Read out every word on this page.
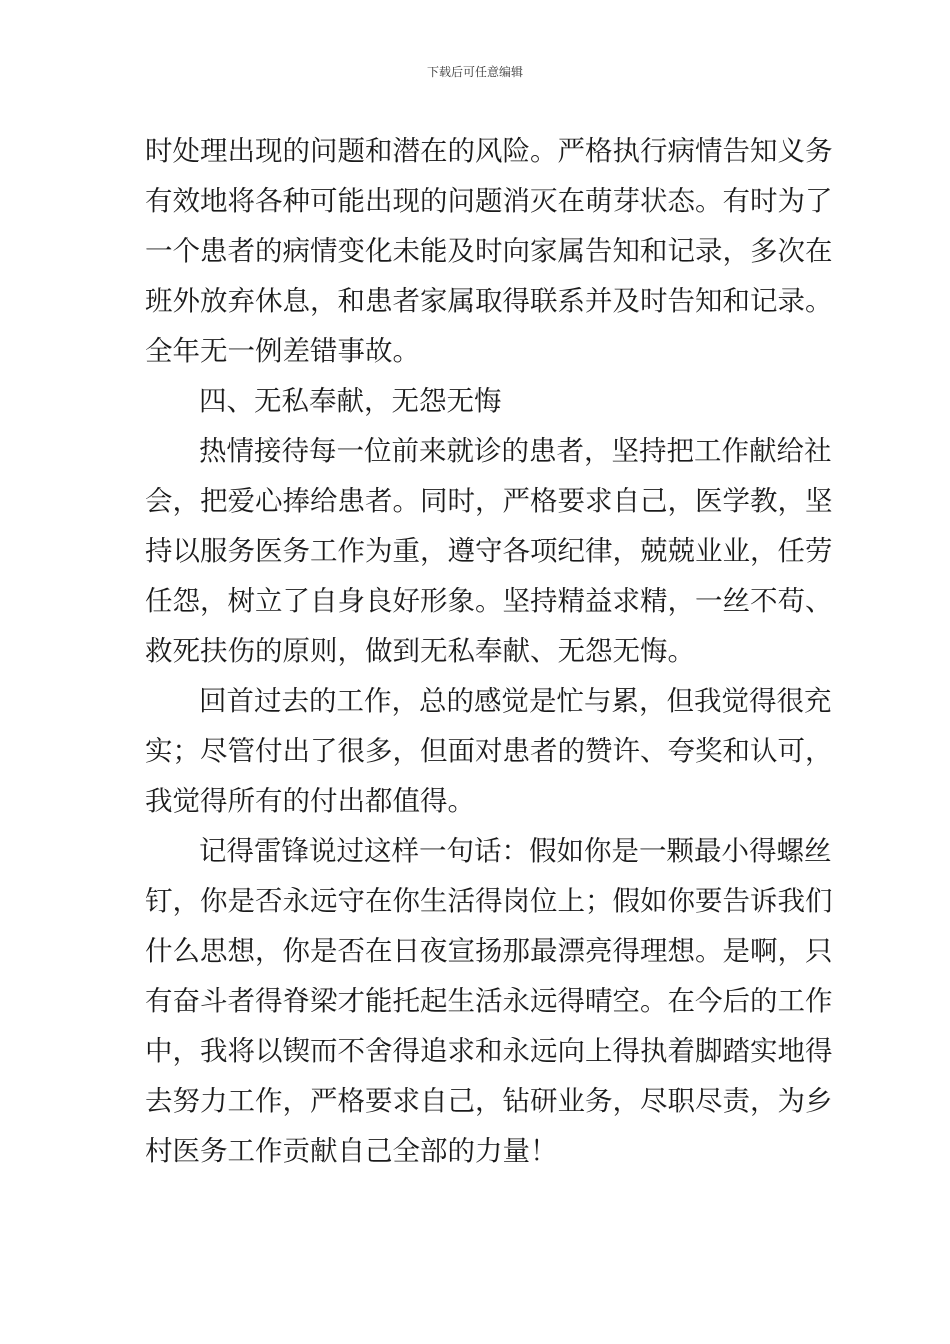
下载后可任意编辑
时处理出现的问题和潜在的风险。严格执行病情告知义务
有效地将各种可能出现的问题消灭在萌芽状态。有时为了
一个患者的病情变化未能及时向家属告知和记录，多次在
班外放弃休息，和患者家属取得联系并及时告知和记录。
全年无一例差错事故。
四、无私奉献，无怨无悔
热情接待每一位前来就诊的患者，坚持把工作献给社
会，把爱心捧给患者。同时，严格要求自己，医学教，坚
持以服务医务工作为重，遵守各项纪律，兢兢业业，任劳
任怨，树立了自身良好形象。坚持精益求精，一丝不苟、
救死扶伤的原则，做到无私奉献、无怨无悔。
回首过去的工作，总的感觉是忙与累，但我觉得很充
实；尽管付出了很多，但面对患者的赞许、夸奖和认可，
我觉得所有的付出都值得。
记得雷锋说过这样一句话：假如你是一颗最小得螺丝
钉，你是否永远守在你生活得岗位上；假如你要告诉我们
什么思想，你是否在日夜宣扬那最漂亮得理想。是啊，只
有奋斗者得脊梁才能托起生活永远得晴空。在今后的工作
中，我将以锲而不舍得追求和永远向上得执着脚踏实地得
去努力工作，严格要求自己，钻研业务，尽职尽责，为乡
村医务工作贡献自己全部的力量！
